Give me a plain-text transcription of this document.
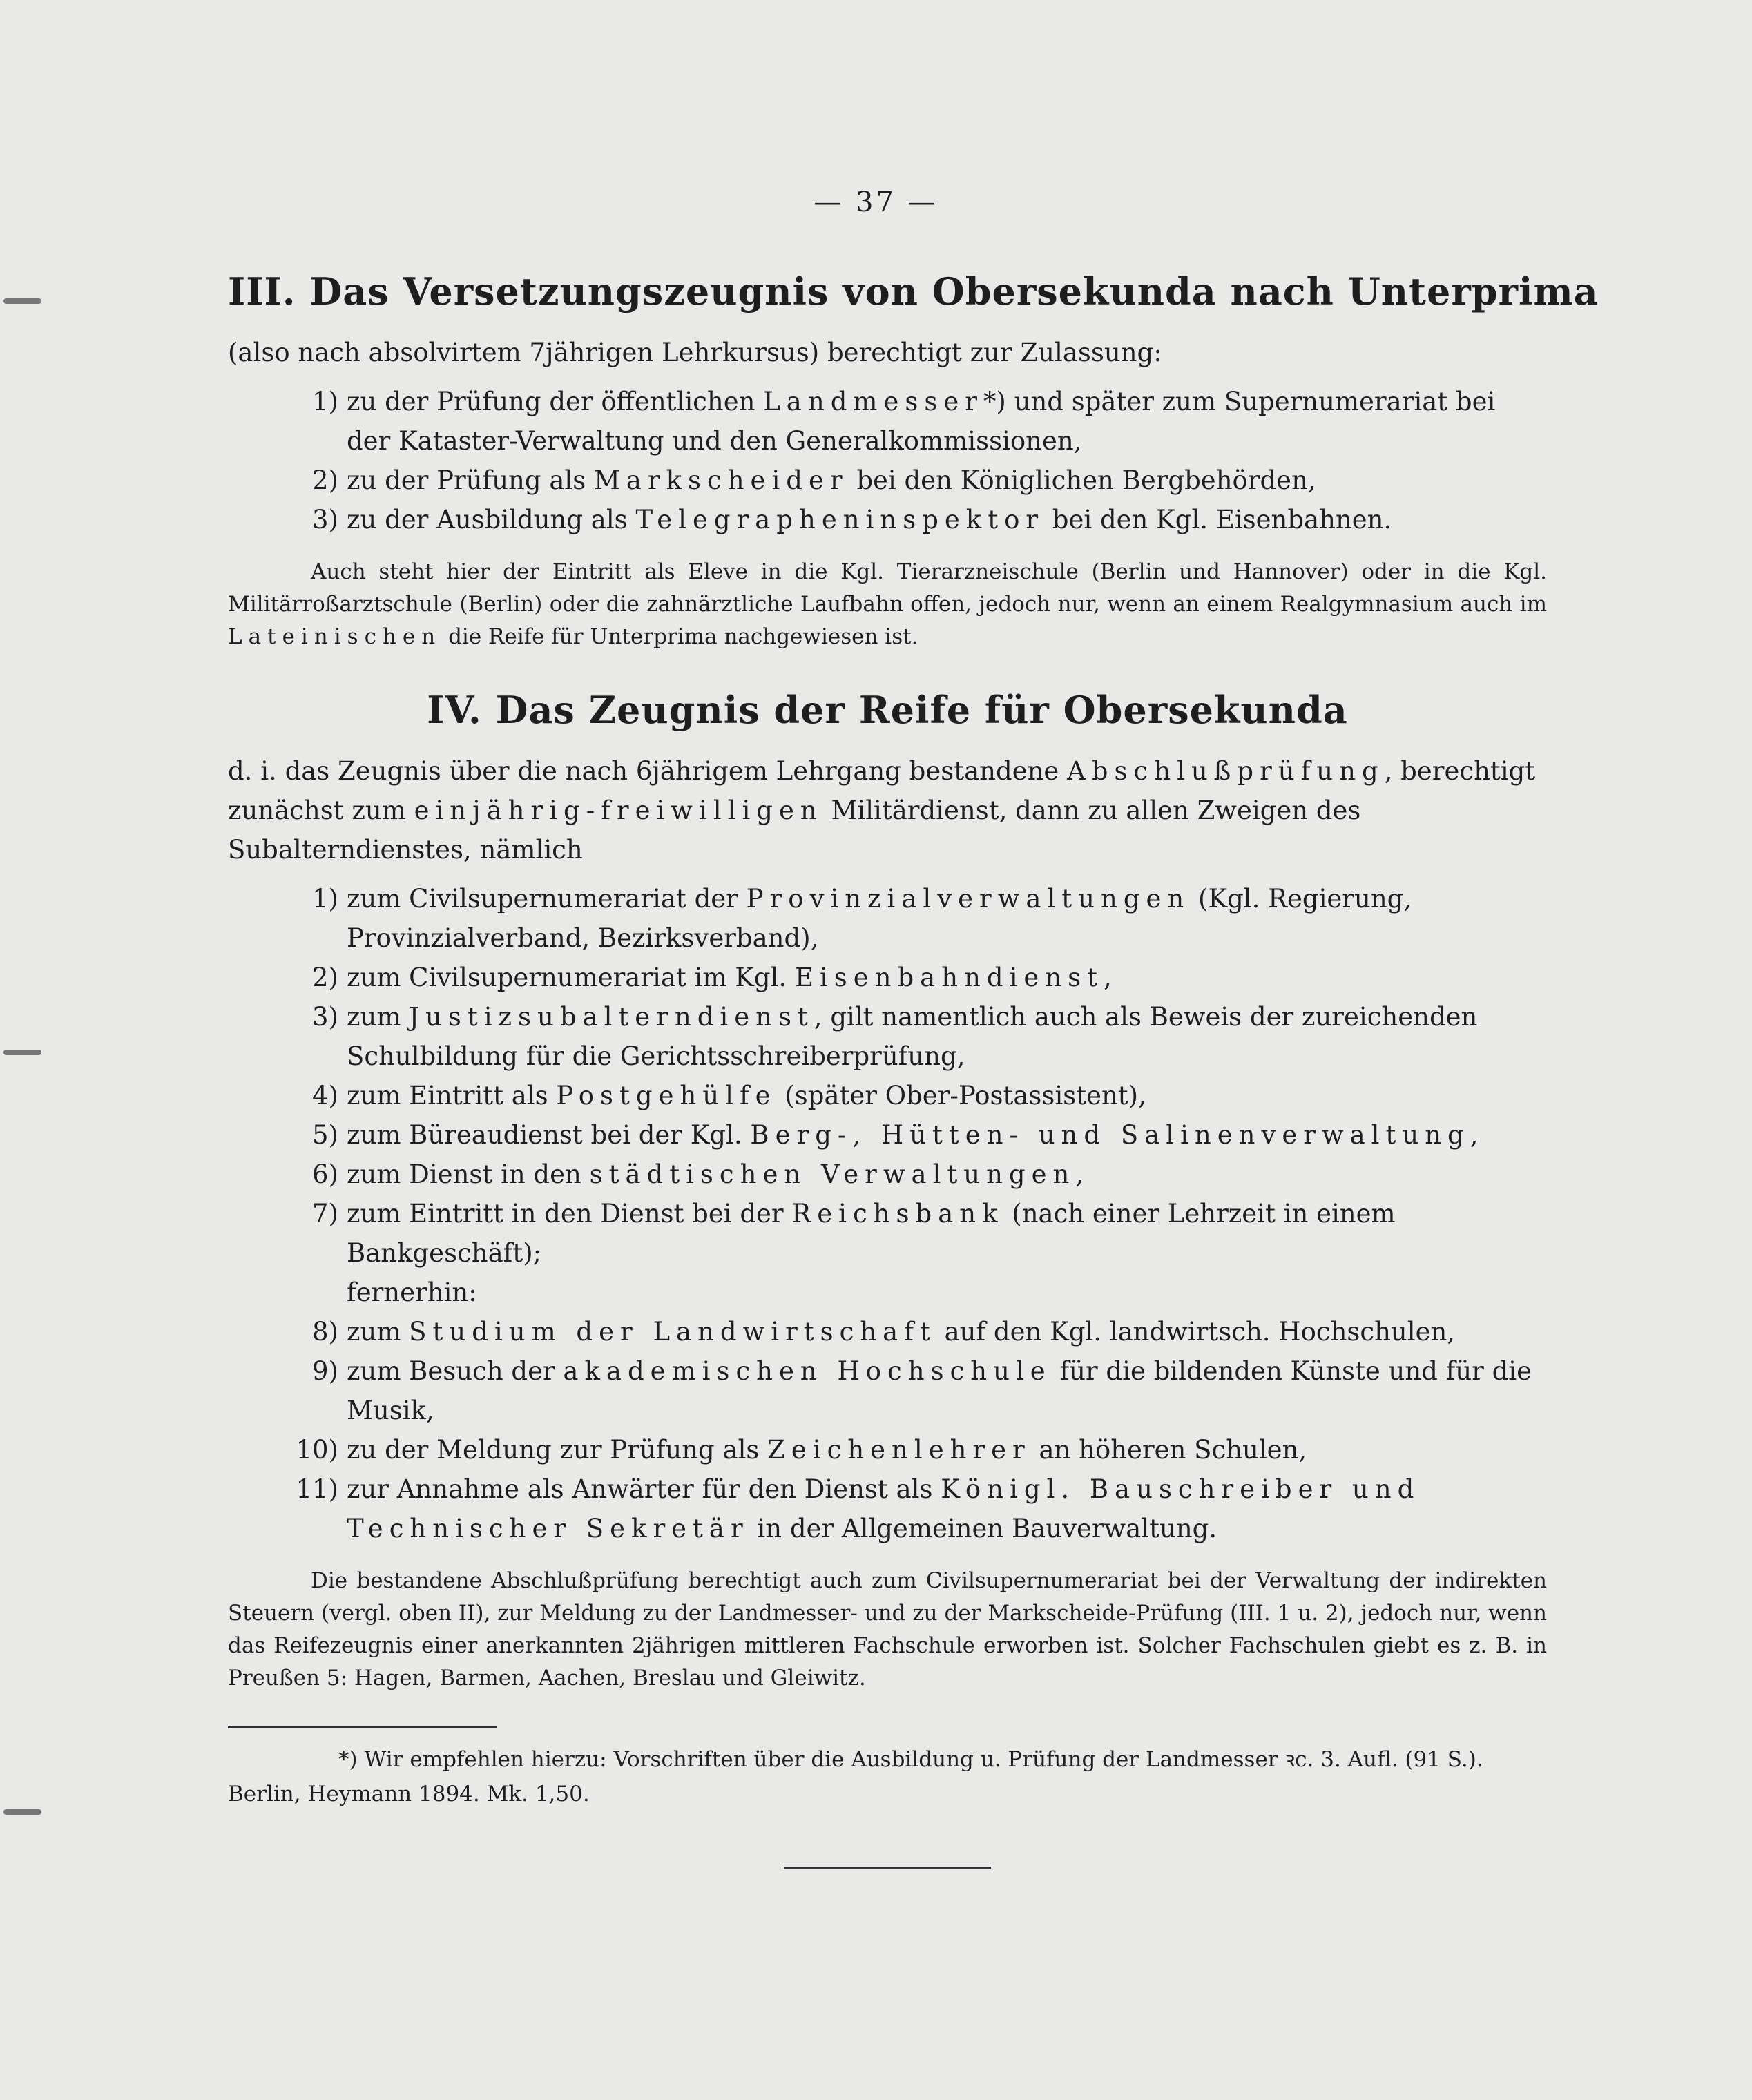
— 37 —
III. Das Versetzungszeugnis von Obersekunda nach Unterprima

(also nach absolvirtem 7jährigen Lehrkursus) berechtigt zur Zulassung:

1) zu der Prüfung der öffentlichen Landmesser*) und später zum Supernumerariat bei der Kataster-Verwaltung und den Generalkommissionen,

2) zu der Prüfung als Markscheider bei den Königlichen Bergbehörden,

3) zu der Ausbildung als Telegrapheninspektor bei den Kgl. Eisenbahnen.

Auch steht hier der Eintritt als Eleve in die Kgl. Tierarzneischule (Berlin und Hannover) oder in die Kgl. Militärroßarztschule (Berlin) oder die zahnärztliche Laufbahn offen, jedoch nur, wenn an einem Realgymnasium auch im Lateinischen die Reife für Unterprima nachgewiesen ist.

IV. Das Zeugnis der Reife für Obersekunda

d. i. das Zeugnis über die nach 6jährigem Lehrgang bestandene Abschlußprüfung, berechtigt zunächst zum einjährig-freiwilligen Militärdienst, dann zu allen Zweigen des Subalterndienstes, nämlich

1) zum Civilsupernumerariat der Provinzialverwaltungen (Kgl. Regierung, Provinzialverband, Bezirksverband),

2) zum Civilsupernumerariat im Kgl. Eisenbahndienst,

3) zum Justizsubalterndienst, gilt namentlich auch als Beweis der zureichenden Schulbildung für die Gerichtsschreiberprüfung,

4) zum Eintritt als Postgehülfe (später Ober-Postassistent),

5) zum Büreaudienst bei der Kgl. Berg-, Hütten- und Salinenverwaltung,

6) zum Dienst in den städtischen Verwaltungen,

7) zum Eintritt in den Dienst bei der Reichsbank (nach einer Lehrzeit in einem Bankgeschäft);

fernerhin:

8) zum Studium der Landwirtschaft auf den Kgl. landwirtsch. Hochschulen,

9) zum Besuch der akademischen Hochschule für die bildenden Künste und für die Musik,

10) zu der Meldung zur Prüfung als Zeichenlehrer an höheren Schulen,

11) zur Annahme als Anwärter für den Dienst als Königl. Bauschreiber und Technischer Sekretär in der Allgemeinen Bauverwaltung.

Die bestandene Abschlußprüfung berechtigt auch zum Civilsupernumerariat bei der Verwaltung der indirekten Steuern (vergl. oben II), zur Meldung zu der Landmesser- und zu der Markscheide-Prüfung (III. 1 u. 2), jedoch nur, wenn das Reifezeugnis einer anerkannten 2jährigen mittleren Fachschule erworben ist. Solcher Fachschulen giebt es z. B. in Preußen 5: Hagen, Barmen, Aachen, Breslau und Gleiwitz.

*) Wir empfehlen hierzu: Vorschriften über die Ausbildung u. Prüfung der Landmesser ꝛc. 3. Aufl. (91 S.). Berlin, Heymann 1894. Mk. 1,50.
